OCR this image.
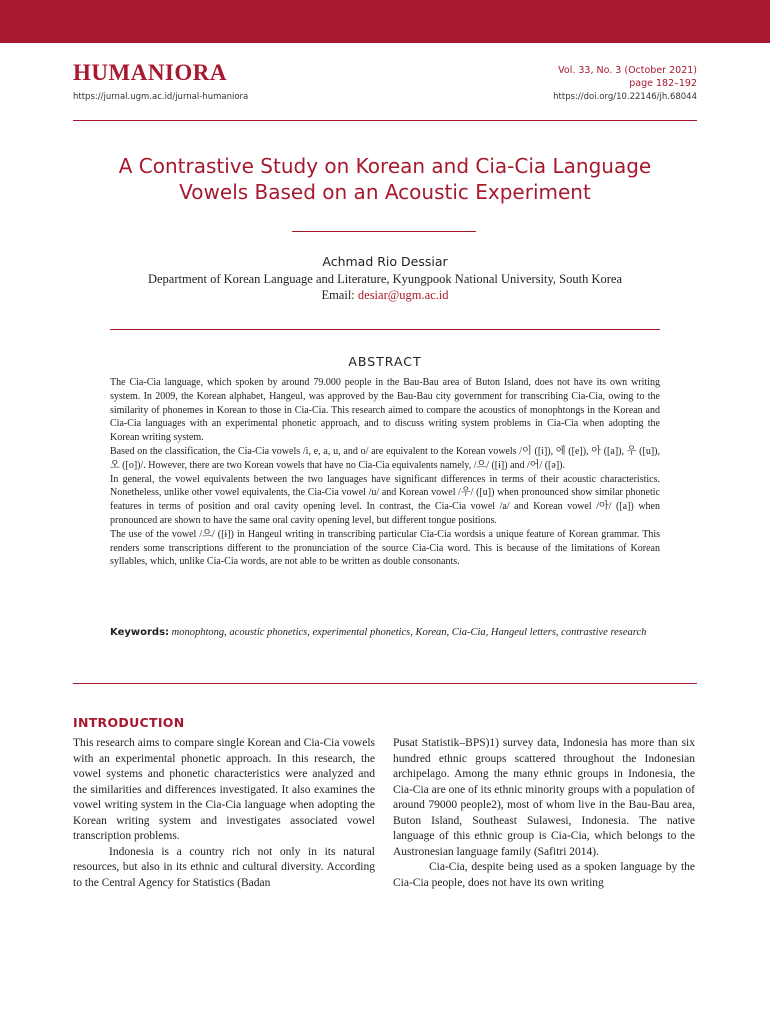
HUMANIORA
https://jurnal.ugm.ac.id/jurnal-humaniora
Vol. 33, No. 3 (October 2021)
page 182–192
https://doi.org/10.22146/jh.68044
A Contrastive Study on Korean and Cia-Cia Language
Vowels Based on an Acoustic Experiment
Achmad Rio Dessiar
Department of Korean Language and Literature, Kyungpook National University, South Korea
Email: desiar@ugm.ac.id
ABSTRACT

The Cia-Cia language, which spoken by around 79.000 people in the Bau-Bau area of Buton Island, does not have its own writing system. In 2009, the Korean alphabet, Hangeul, was approved by the Bau-Bau city government for transcribing Cia-Cia, owing to the similarity of phonemes in Korean to those in Cia-Cia. This research aimed to compare the acoustics of monophtongs in the Korean and Cia-Cia languages with an experimental phonetic approach, and to discuss writing system problems in Cia-Cia when adopting the Korean writing system.

Based on the classification, the Cia-Cia vowels /i, e, a, u, and o/ are equivalent to the Korean vowels /이 ([i]), 에 ([e]), 아 ([a]), 우 ([u]), 오 ([o])/. However, there are two Korean vowels that have no Cia-Cia equivalents namely, /으/ ([ɨ]) and /어/ ([ə]).

In general, the vowel equivalents between the two languages have significant differences in terms of their acoustic characteristics. Nonetheless, unlike other vowel equivalents, the Cia-Cia vowel /u/ and Korean vowel /우/ ([u]) when pronounced show similar phonetic features in terms of position and oral cavity opening level. In contrast, the Cia-Cia vowel /a/ and Korean vowel /아/ ([a]) when pronounced are shown to have the same oral cavity opening level, but different tongue positions.

The use of the vowel /으/ ([ɨ]) in Hangeul writing in transcribing particular Cia-Cia wordsis a unique feature of Korean grammar. This renders some transcriptions different to the pronunciation of the source Cia-Cia word. This is because of the limitations of Korean syllables, which, unlike Cia-Cia words, are not able to be written as double consonants.

Keywords: monophtong, acoustic phonetics, experimental phonetics, Korean, Cia-Cia, Hangeul letters, contrastive research
INTRODUCTION

This research aims to compare single Korean and Cia-Cia vowels with an experimental phonetic approach. In this research, the vowel systems and phonetic characteristics were analyzed and the similarities and differences investigated. It also examines the vowel writing system in the Cia-Cia language when adopting the Korean writing system and investigates associated vowel transcription problems.

Indonesia is a country rich not only in its natural resources, but also in its ethnic and cultural diversity. According to the Central Agency for Statistics (Badan

Pusat Statistik–BPS)1) survey data, Indonesia has more than six hundred ethnic groups scattered throughout the Indonesian archipelago. Among the many ethnic groups in Indonesia, the Cia-Cia are one of its ethnic minority groups with a population of around 79000 people2), most of whom live in the Bau-Bau area, Buton Island, Southeast Sulawesi, Indonesia. The native language of this ethnic group is Cia-Cia, which belongs to the Austronesian language family (Safitri 2014).

Cia-Cia, despite being used as a spoken language by the Cia-Cia people, does not have its own writing
